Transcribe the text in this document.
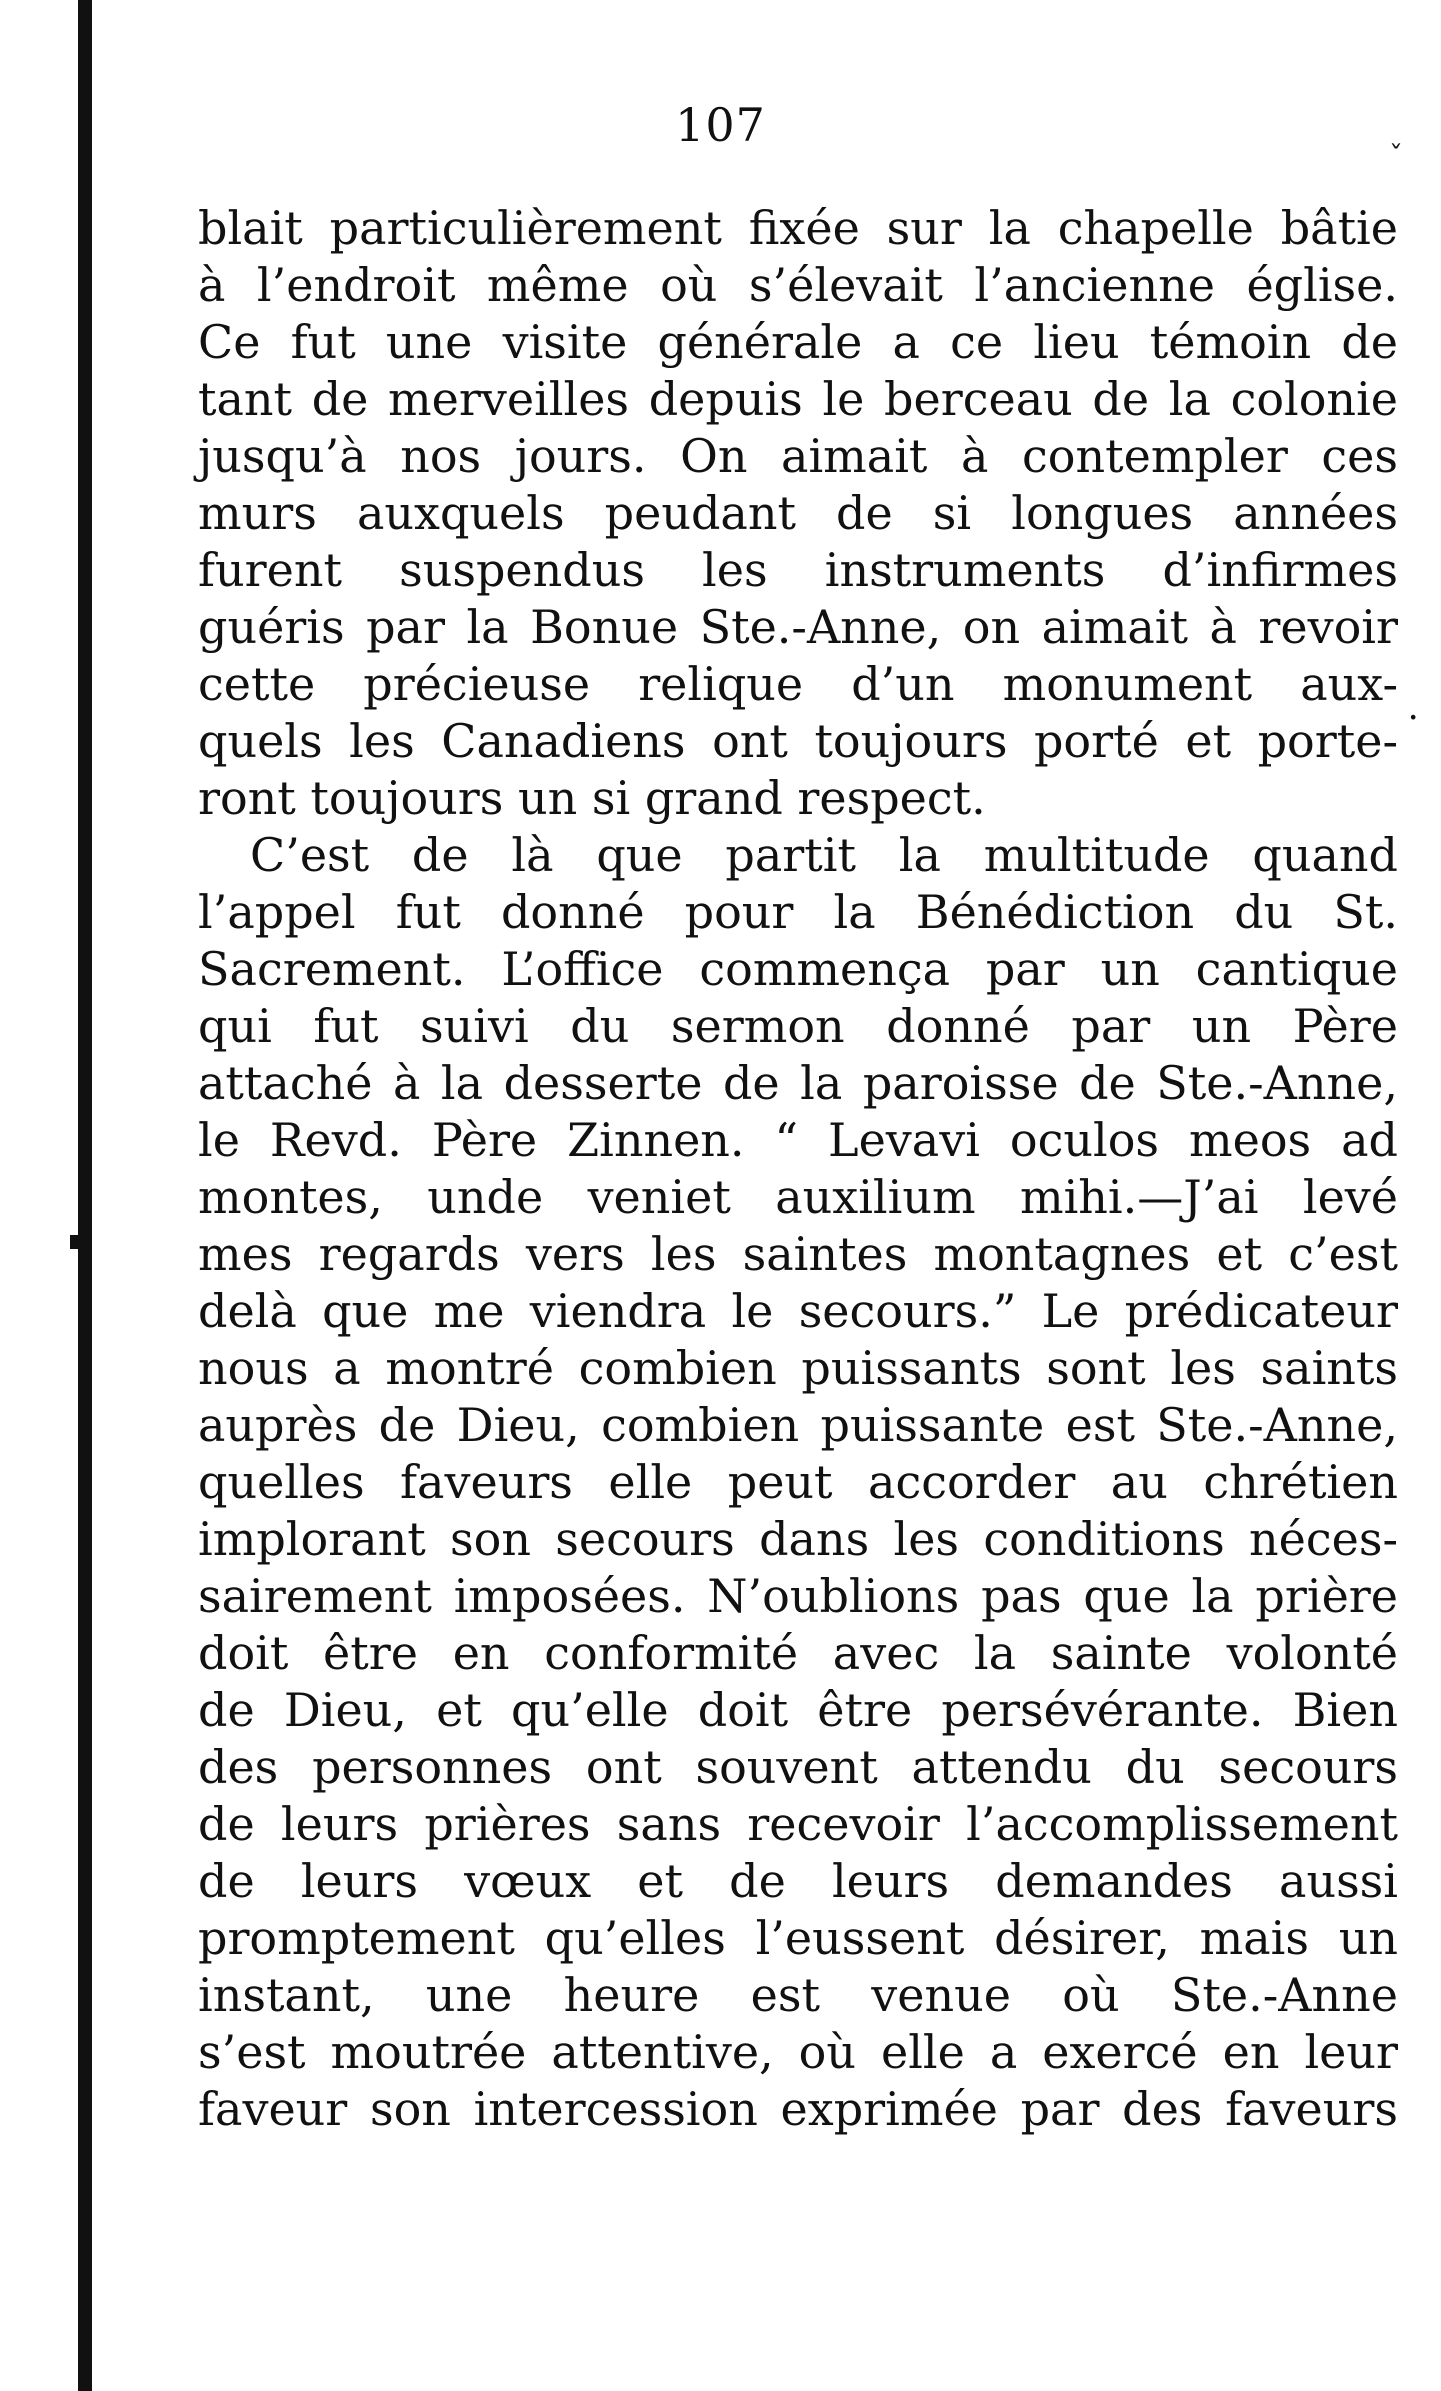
107
ˇ
·
blait particulièrement fixée sur la chapelle bâtie
à l’endroit même où s’élevait l’ancienne église.
Ce fut une visite générale a ce lieu témoin de
tant de merveilles depuis le berceau de la colonie
jusqu’à nos jours. On aimait à contempler ces
murs auxquels peudant de si longues années
furent suspendus les instruments d’infirmes
guéris par la Bonue Ste.-Anne, on aimait à revoir
cette précieuse relique d’un monument aux-
quels les Canadiens ont toujours porté et porte-
ront toujours un si grand respect.
C’est de là que partit la multitude quand
l’appel fut donné pour la Bénédiction du St.
Sacrement. L’office commença par un cantique
qui fut suivi du sermon donné par un Père
attaché à la desserte de la paroisse de Ste.-Anne,
le Revd. Père Zinnen. “ Levavi oculos meos ad
montes, unde veniet auxilium mihi.—J’ai levé
mes regards vers les saintes montagnes et c’est
delà que me viendra le secours.” Le prédicateur
nous a montré combien puissants sont les saints
auprès de Dieu, combien puissante est Ste.-Anne,
quelles faveurs elle peut accorder au chrétien
implorant son secours dans les conditions néces-
sairement imposées. N’oublions pas que la prière
doit être en conformité avec la sainte volonté
de Dieu, et qu’elle doit être persévérante. Bien
des personnes ont souvent attendu du secours
de leurs prières sans recevoir l’accomplissement
de leurs vœux et de leurs demandes aussi
promptement qu’elles l’eussent désirer, mais un
instant, une heure est venue où Ste.-Anne
s’est moutrée attentive, où elle a exercé en leur
faveur son intercession exprimée par des faveurs
